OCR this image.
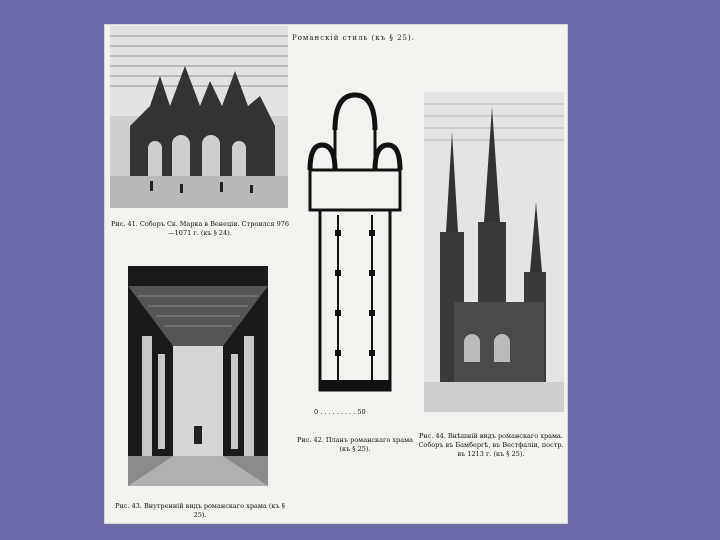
Романскій стиль (къ § 25).
Рис. 41. Соборъ Св. Марка в Венеціи. Строился 976—1071 г. (къ § 24).
0 . . . . . . . . . 50
Рис. 42. Планъ романскаго храма (къ § 25).
Рис. 43. Внутренній видъ романскаго храма (къ § 25).
Рис. 44. Внѣшній видъ романскаго храма. Соборъ въ Бамбергѣ, въ Вестфаліи, постр. въ 1213 г. (къ § 25).
